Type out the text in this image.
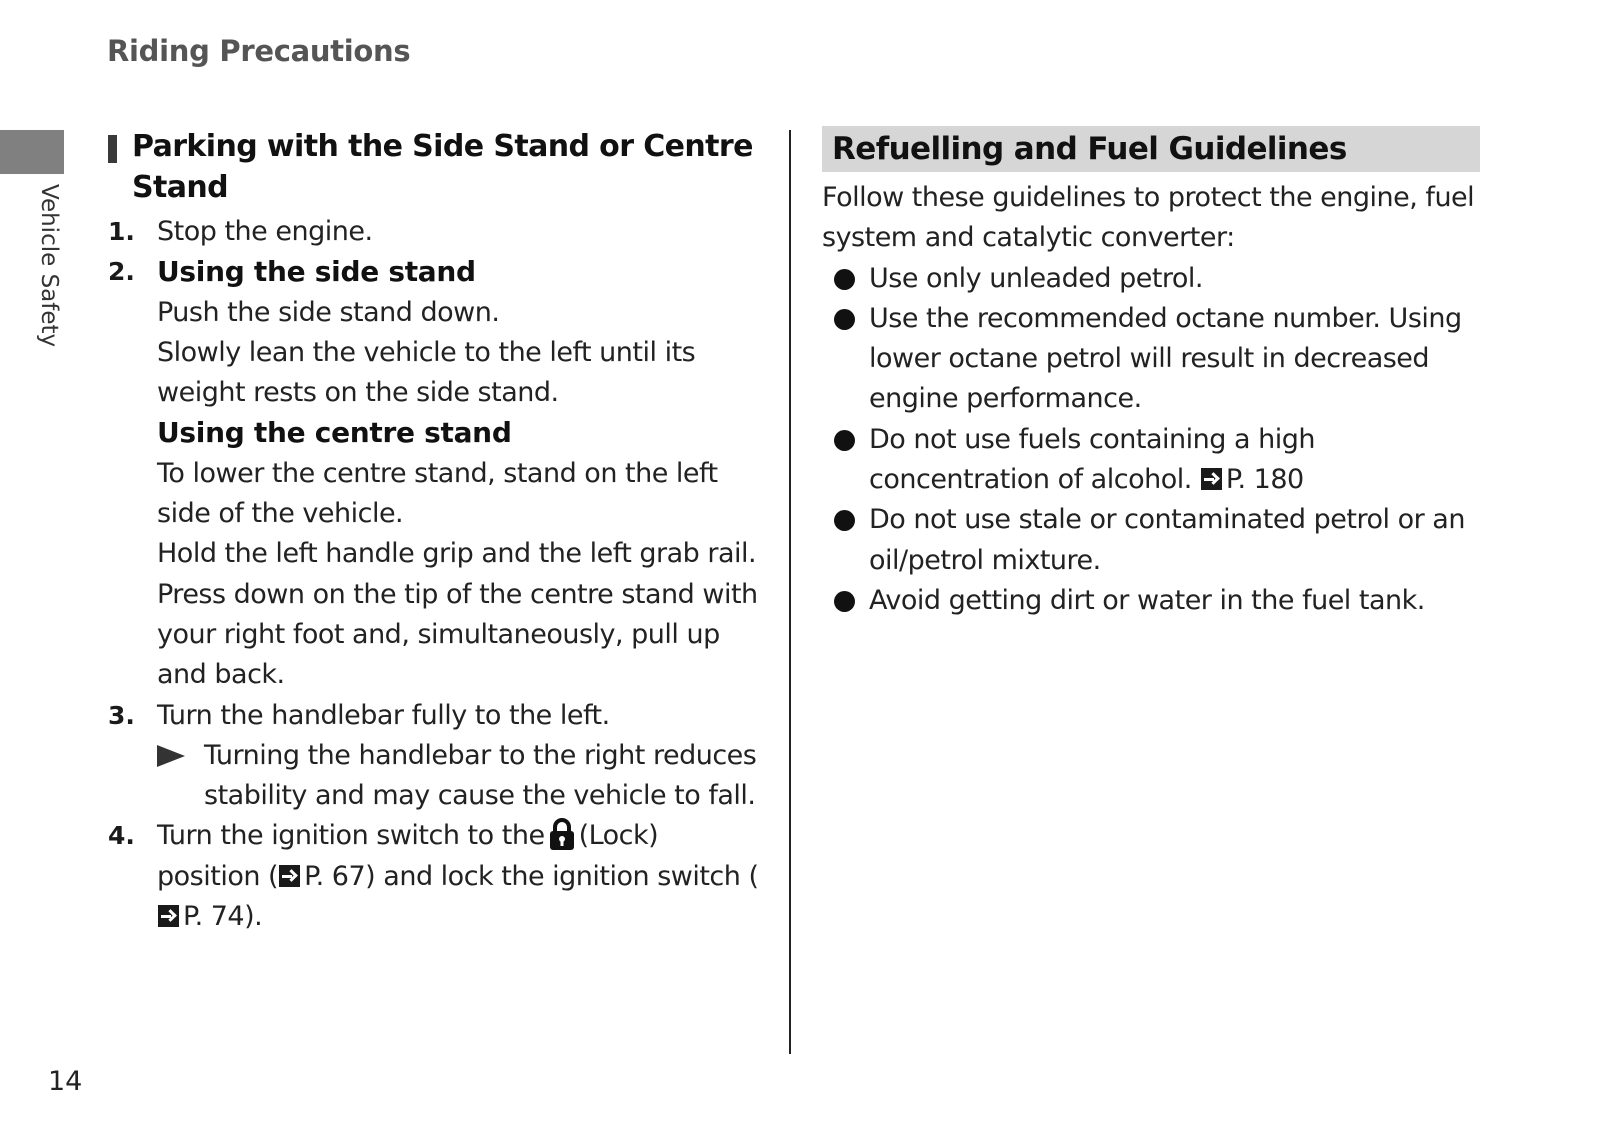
Riding Precautions
Vehicle Safety
Parking with the Side Stand or Centre Stand
1. Stop the engine.
2. Using the side stand
Push the side stand down.
Slowly lean the vehicle to the left until its weight rests on the side stand.
Using the centre stand
To lower the centre stand, stand on the left side of the vehicle.
Hold the left handle grip and the left grab rail.
Press down on the tip of the centre stand with your right foot and, simultaneously, pull up and back.
3. Turn the handlebar fully to the left.
Turning the handlebar to the right reduces stability and may cause the vehicle to fall.
4. Turn the ignition switch to the (Lock) position ( P. 67) and lock the ignition switch (P. 74).
Refuelling and Fuel Guidelines
Follow these guidelines to protect the engine, fuel system and catalytic converter:
Use only unleaded petrol.
Use the recommended octane number. Using lower octane petrol will result in decreased engine performance.
Do not use fuels containing a high concentration of alcohol. P. 180
Do not use stale or contaminated petrol or an oil/petrol mixture.
Avoid getting dirt or water in the fuel tank.
14
